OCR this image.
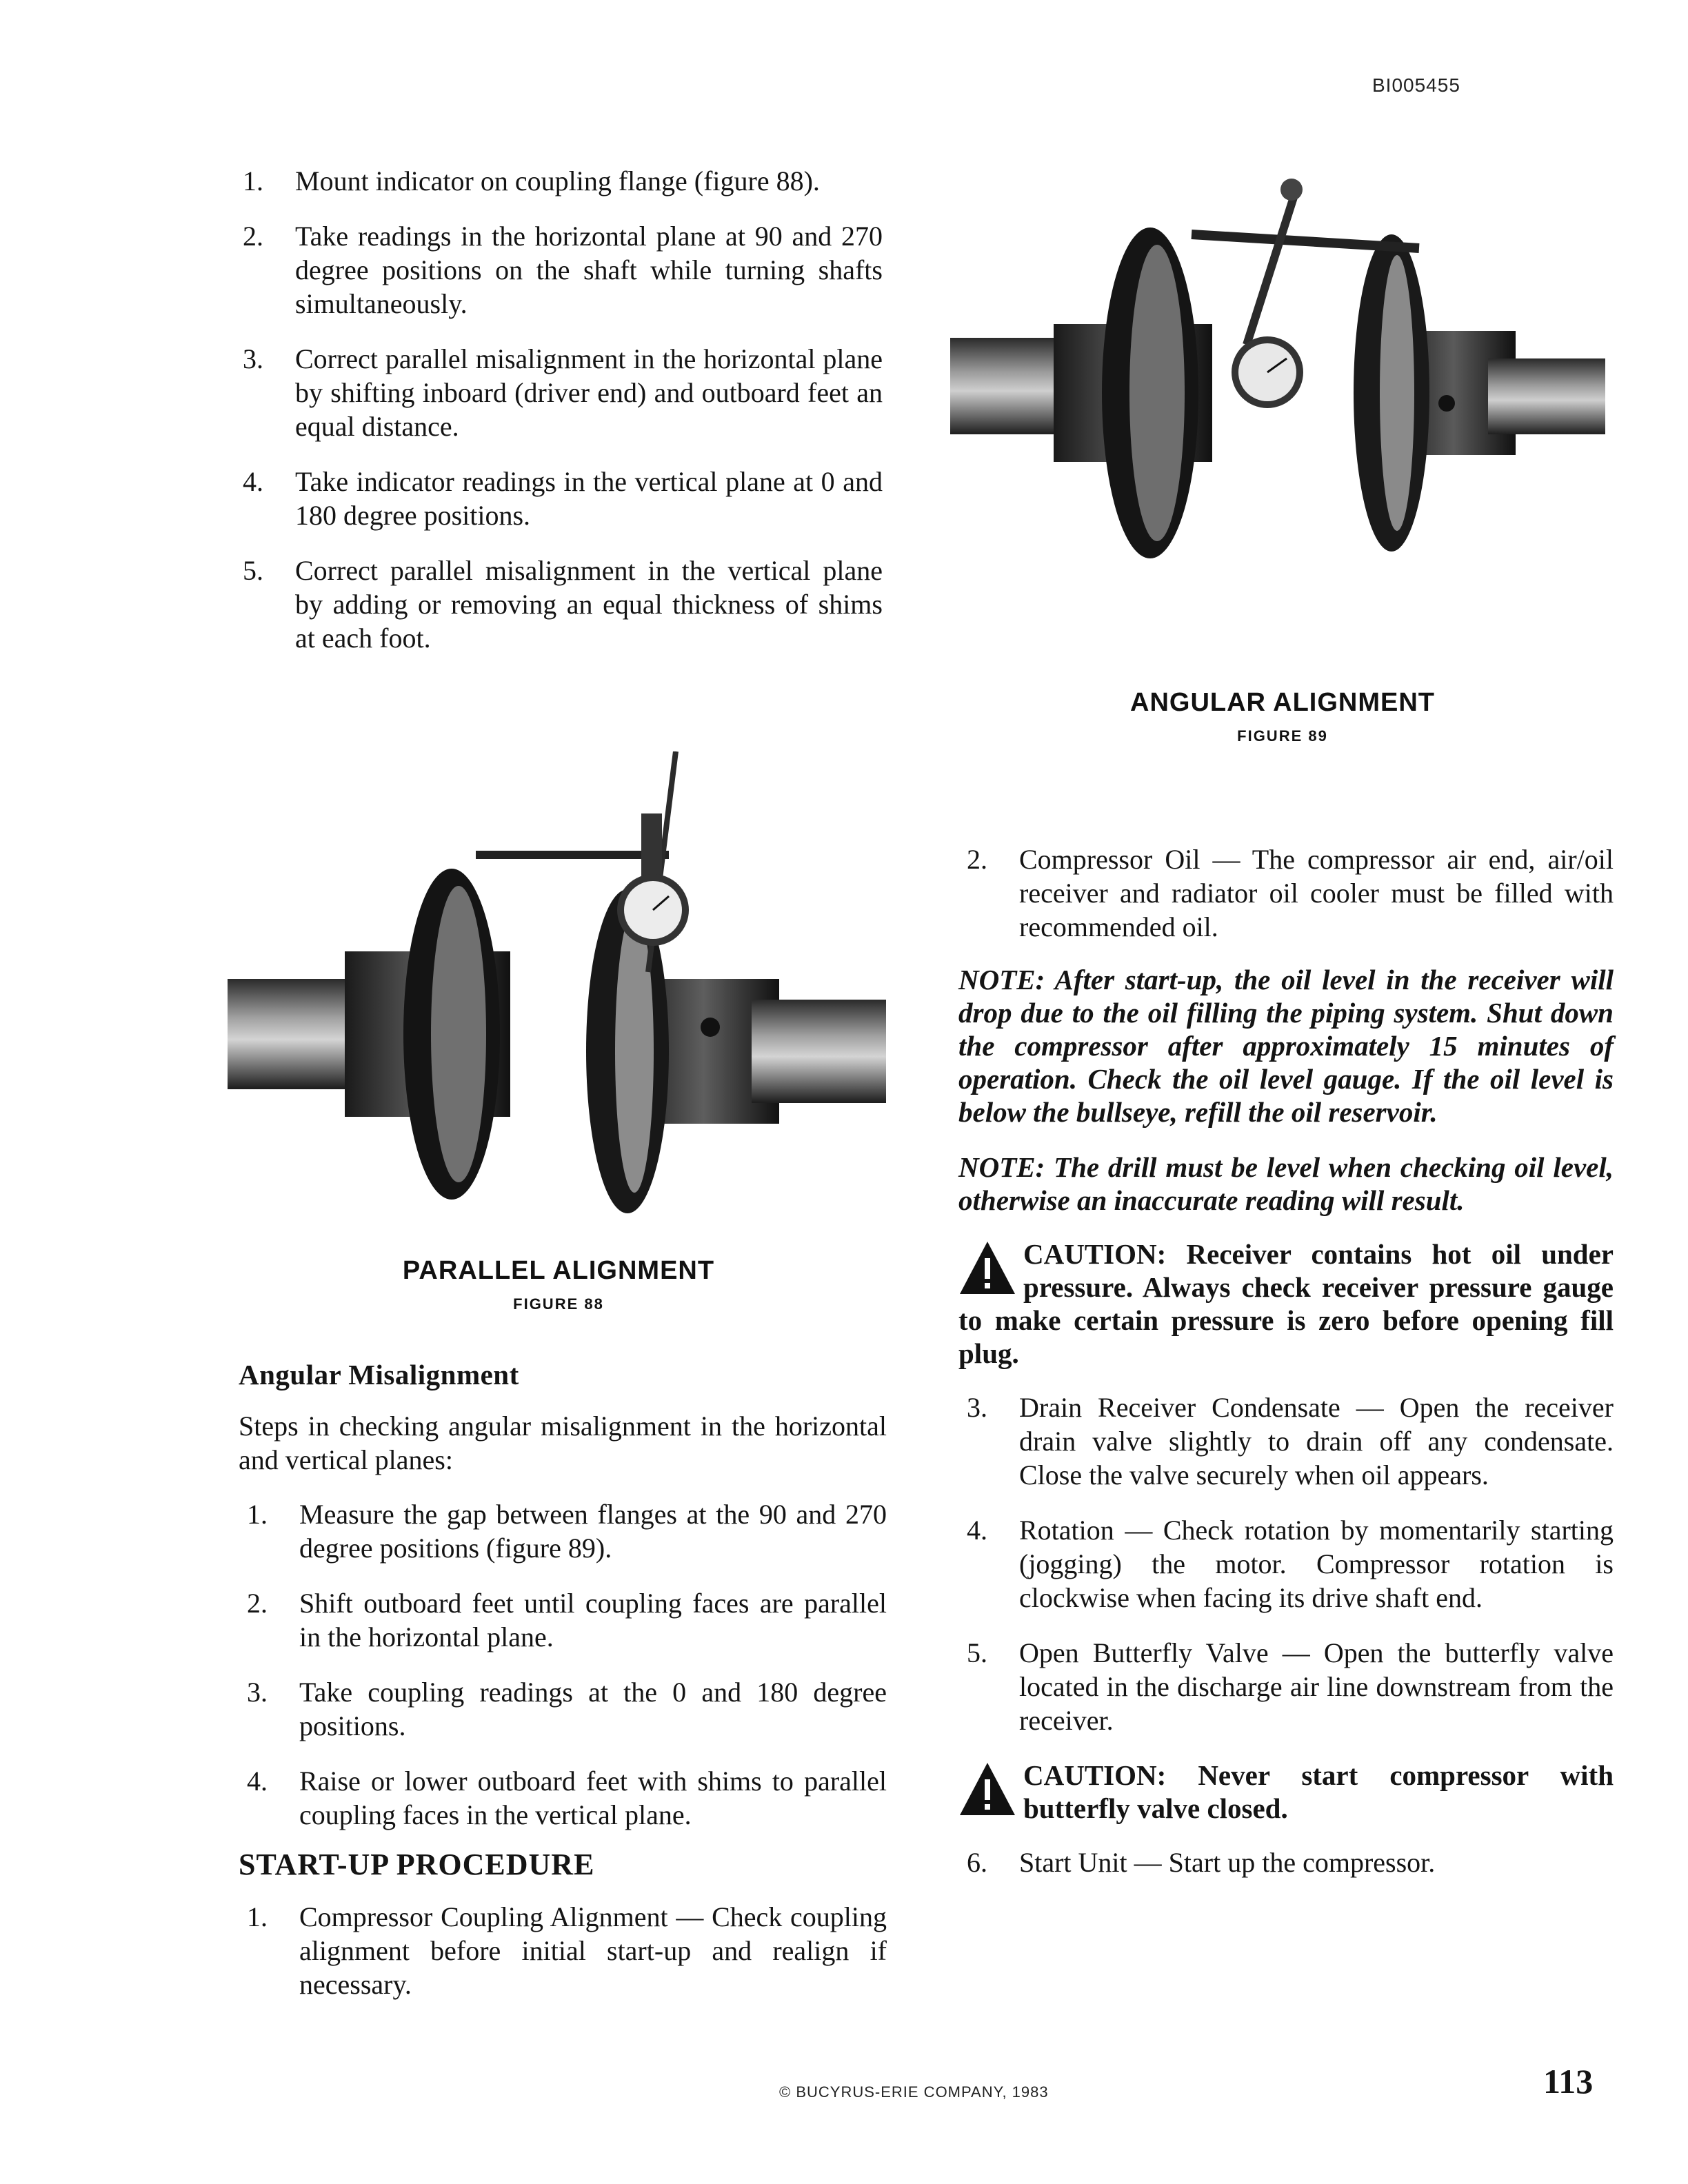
BI005455
1. Mount indicator on coupling flange (figure 88).
2. Take readings in the horizontal plane at 90 and 270 degree positions on the shaft while turning shafts simultaneously.
3. Correct parallel misalignment in the horizontal plane by shifting inboard (driver end) and outboard feet an equal distance.
4. Take indicator readings in the vertical plane at 0 and 180 degree positions.
5. Correct parallel misalignment in the vertical plane by adding or removing an equal thickness of shims at each foot.
ANGULAR ALIGNMENT
FIGURE 89
PARALLEL ALIGNMENT
FIGURE 88
Angular Misalignment

Steps in checking angular misalignment in the horizontal and vertical planes:

1. Measure the gap between flanges at the 90 and 270 degree positions (figure 89).
2. Shift outboard feet until coupling faces are parallel in the horizontal plane.
3. Take coupling readings at the 0 and 180 degree positions.
4. Raise or lower outboard feet with shims to parallel coupling faces in the vertical plane.
START-UP PROCEDURE
1. Compressor Coupling Alignment — Check coupling alignment before initial start-up and realign if necessary.
2. Compressor Oil — The compressor air end, air/oil receiver and radiator oil cooler must be filled with recommended oil.

NOTE: After start-up, the oil level in the receiver will drop due to the oil filling the piping system. Shut down the compressor after approximately 15 minutes of operation. Check the oil level gauge. If the oil level is below the bullseye, refill the oil reservoir.

NOTE: The drill must be level when checking oil level, otherwise an inaccurate reading will result.

CAUTION: Receiver contains hot oil under pressure. Always check receiver pressure gauge to make certain pressure is zero before opening fill plug.
3. Drain Receiver Condensate — Open the receiver drain valve slightly to drain off any condensate. Close the valve securely when oil appears.
4. Rotation — Check rotation by momentarily starting (jogging) the motor. Compressor rotation is clockwise when facing its drive shaft end.
5. Open Butterfly Valve — Open the butterfly valve located in the discharge air line downstream from the receiver.
CAUTION: Never start compressor with butterfly valve closed.
6. Start Unit — Start up the compressor.
© BUCYRUS-ERIE COMPANY, 1983	113
